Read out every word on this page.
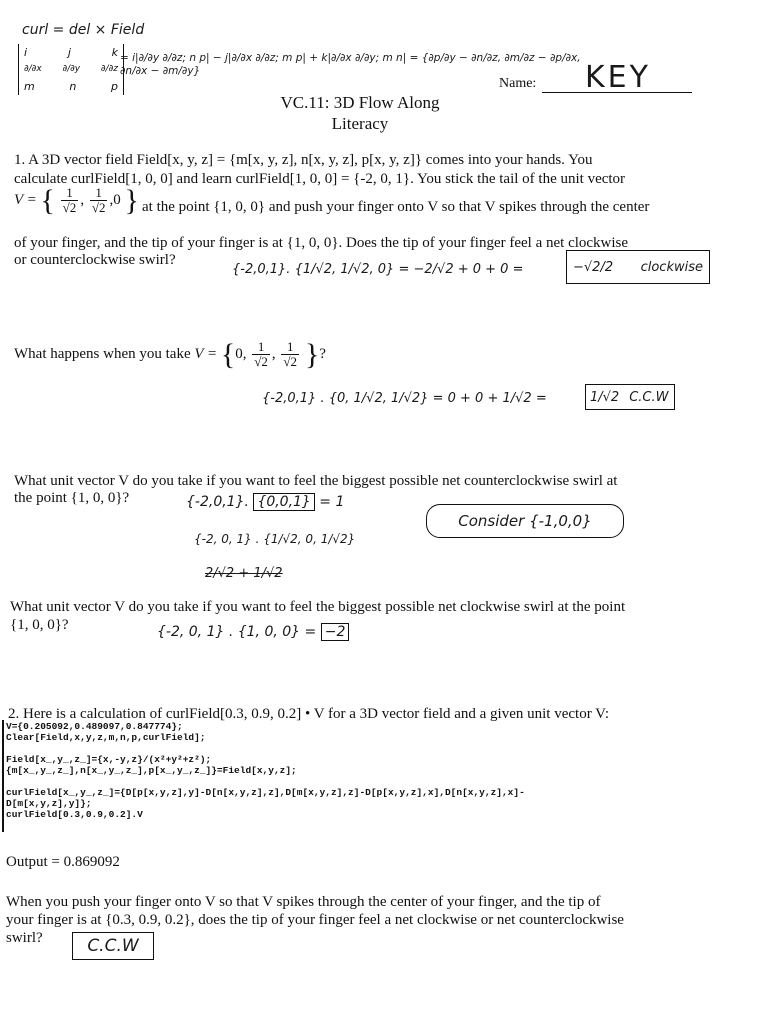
curl = del × Field
i	j	k
∂/∂x ∂/∂y ∂/∂z
m	n	p
= i|∂/∂y ∂/∂z; n p| − j|∂/∂x ∂/∂z; m p| + k|∂/∂x ∂/∂y; m n| = {∂p/∂y − ∂n/∂z, ∂m/∂z − ∂p/∂x, ∂n/∂x − ∂m/∂y}
Name: KEY
VC.11: 3D Flow Along
Literacy
1. A 3D vector field Field[x, y, z] = {m[x, y, z], n[x, y, z], p[x, y, z]} comes into your hands. You
calculate curlField[1, 0, 0] and learn curlField[1, 0, 0] = {-2, 0, 1}. You stick the tail of the unit vector
V = { $\frac{1}{√2}$ , $\frac{1}{√2} ,0$ } at the point {1, 0, 0} and push your finger onto V so that V spikes through the center
of your finger, and the tip of your finger is at {1, 0, 0}. Does the tip of your finger feel a net clockwise
or counterclockwise swirl?
{-2,0,1}. {1/√2, 1/√2, 0} = −2/√2 + 0 + 0 =	−√2/2 clockwise
What happens when you take V = {0, $\frac{1}{√2}$ , $\frac{1}{√2}$ }?
{-2,0,1} . {0, 1/√2, 1/√2} = 0 + 0 + 1/√2 =	1/√2 C.C.W
What unit vector V do you take if you want to feel the biggest possible net counterclockwise swirl at
the point {1, 0, 0}?	{-2,0,1}. {0,0,1} = 1
Consider {-1,0,0}
{-2, 0, 1} . {1/√2, 0, 1/√2}
2/√2 + 1/√2
What unit vector V do you take if you want to feel the biggest possible net clockwise swirl at the point
{1, 0, 0}?	{-2, 0, 1} . {1, 0, 0} = −2
2. Here is a calculation of curlField[0.3, 0.9, 0.2] • V for a 3D vector field and a given unit vector V:
V={0.205092,0.489097,0.847774};
Clear[Field,x,y,z,m,n,p,curlField];
Field[x_,y_,z_]={x,-y,z}/(x²+y²+z²);
{m[x_,y_,z_],n[x_,y_,z_],p[x_,y_,z_]}=Field[x,y,z];
curlField[x_,y_,z_]={D[p[x,y,z],y]-D[n[x,y,z],z],D[m[x,y,z],z]-D[p[x,y,z],x],D[n[x,y,z],x]-
D[m[x,y,z],y]};
curlField[0.3,0.9,0.2].V
Output = 0.869092
When you push your finger onto V so that V spikes through the center of your finger, and the tip of
your finger is at {0.3, 0.9, 0.2}, does the tip of your finger feel a net clockwise or net counterclockwise
swirl?	C.C.W
